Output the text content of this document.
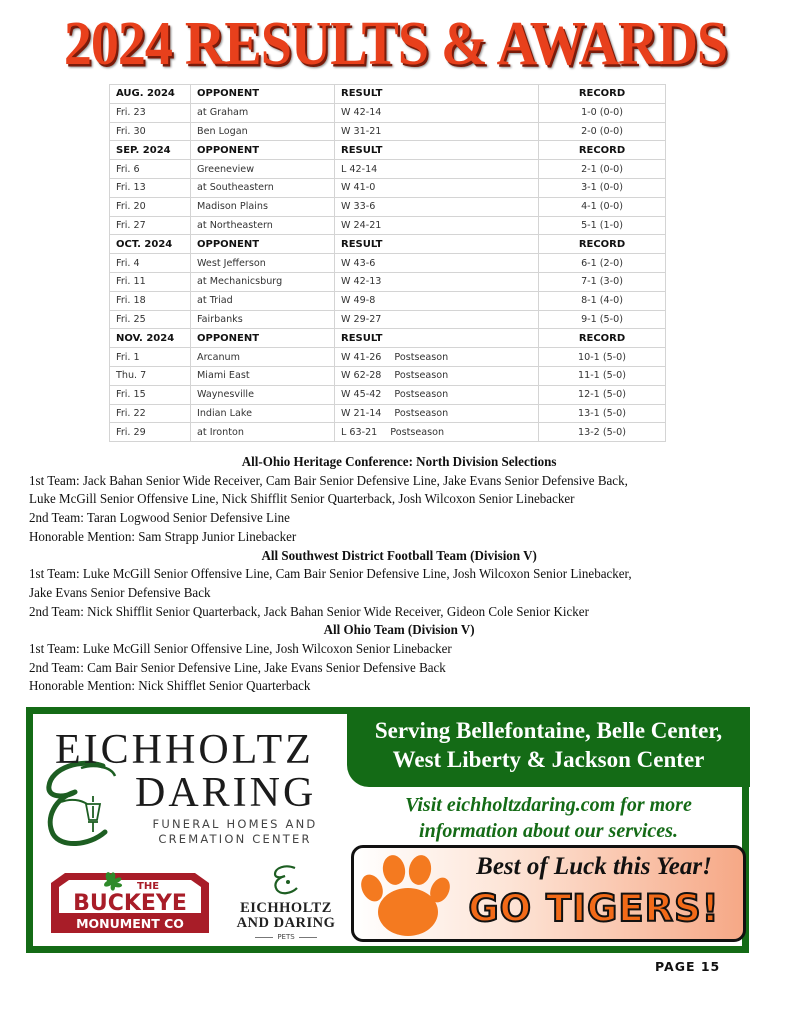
2024 RESULTS & AWARDS
AUG. 2024	OPPONENT	RESULT	RECORD
Fri. 23	at Graham	W 42-14	1-0 (0-0)
Fri. 30	Ben Logan	W 31-21	2-0 (0-0)
SEP. 2024	OPPONENT	RESULT	RECORD
Fri. 6	Greeneview	L 42-14	2-1 (0-0)
Fri. 13	at Southeastern	W 41-0	3-1 (0-0)
Fri. 20	Madison Plains	W 33-6	4-1 (0-0)
Fri. 27	at Northeastern	W 24-21	5-1 (1-0)
OCT. 2024	OPPONENT	RESULT	RECORD
Fri. 4	West Jefferson	W 43-6	6-1 (2-0)
Fri. 11	at Mechanicsburg	W 42-13	7-1 (3-0)
Fri. 18	at Triad	W 49-8	8-1 (4-0)
Fri. 25	Fairbanks	W 29-27	9-1 (5-0)
NOV. 2024	OPPONENT	RESULT	RECORD
Fri. 1	Arcanum	W 41-26 Postseason	10-1 (5-0)
Thu. 7	Miami East	W 62-28 Postseason	11-1 (5-0)
Fri. 15	Waynesville	W 45-42 Postseason	12-1 (5-0)
Fri. 22	Indian Lake	W 21-14 Postseason	13-1 (5-0)
Fri. 29	at Ironton	L 63-21 Postseason	13-2 (5-0)
All-Ohio Heritage Conference: North Division Selections
1st Team: Jack Bahan Senior Wide Receiver, Cam Bair Senior Defensive Line, Jake Evans Senior Defensive Back,
Luke McGill Senior Offensive Line, Nick Shifflit Senior Quarterback, Josh Wilcoxon Senior Linebacker
2nd Team: Taran Logwood Senior Defensive Line
Honorable Mention: Sam Strapp Junior Linebacker
All Southwest District Football Team (Division V)
1st Team: Luke McGill Senior Offensive Line, Cam Bair Senior Defensive Line, Josh Wilcoxon Senior Linebacker,
Jake Evans Senior Defensive Back
2nd Team: Nick Shifflit Senior Quarterback, Jack Bahan Senior Wide Receiver, Gideon Cole Senior Kicker
All Ohio Team (Division V)
1st Team: Luke McGill Senior Offensive Line, Josh Wilcoxon Senior Linebacker
2nd Team: Cam Bair Senior Defensive Line, Jake Evans Senior Defensive Back
Honorable Mention: Nick Shifflet Senior Quarterback
EICHHOLTZ
DARING
FUNERAL HOMES AND
CREMATION CENTER
Serving Bellefontaine, Belle Center,
West Liberty & Jackson Center
Visit eichholtzdaring.com for more
information about our services.
THE
BUCKEYE
MONUMENT CO
EICHHOLTZ
AND DARING
PETS
Best of Luck this Year!
GO TIGERS!
PAGE 15
